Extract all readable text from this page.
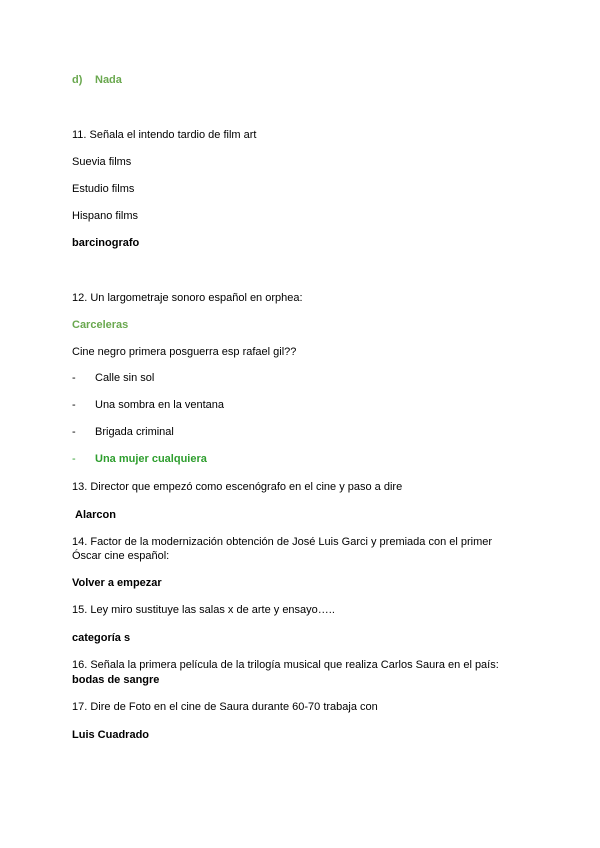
d) Nada
11. Señala el intendo tardio de film art
Suevia films
Estudio films
Hispano films
barcinografo
12. Un largometraje sonoro español en orphea:
Carceleras
Cine negro primera posguerra esp rafael gil??
- Calle sin sol
- Una sombra en la ventana
- Brigada criminal
- Una mujer cualquiera
13. Director que empezó como escenógrafo en el cine y paso a dire
Alarcon
14. Factor de la modernización obtención de José Luis Garci y premiada con el primer
Óscar cine español:
Volver a empezar
15. Ley miro sustituye las salas x de arte y ensayo…..
categoría s
16. Señala la primera película de la trilogía musical que realiza Carlos Saura en el país:
bodas de sangre
17. Dire de Foto en el cine de Saura durante 60-70 trabaja con
Luis Cuadrado
